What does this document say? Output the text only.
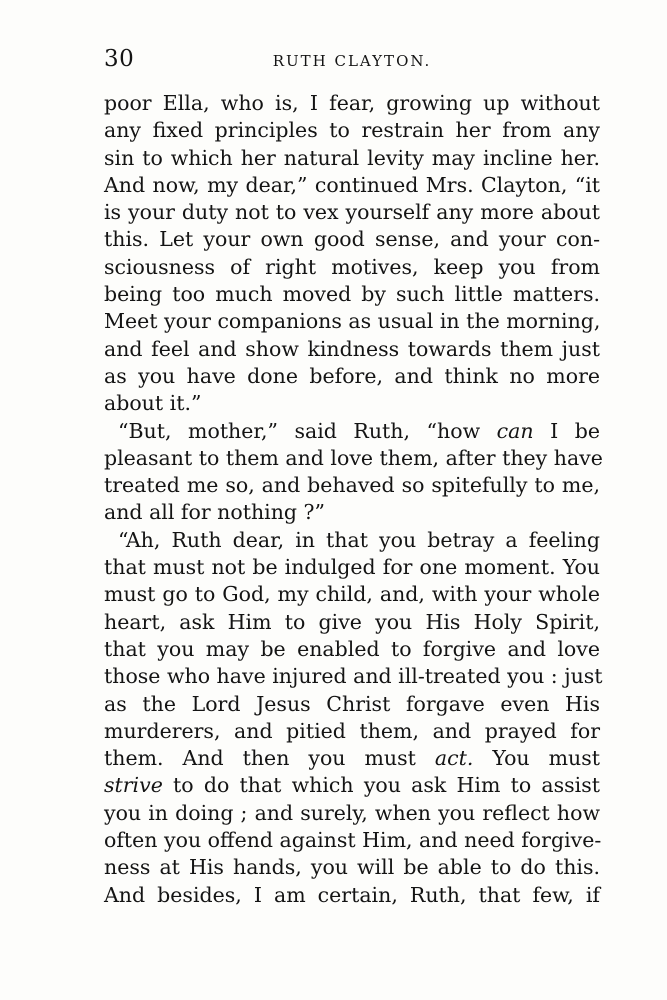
30	RUTH CLAYTON.
poor Ella, who is, I fear, growing up without
any fixed principles to restrain her from any
sin to which her natural levity may incline her.
And now, my dear,” continued Mrs. Clayton, “it
is your duty not to vex yourself any more about
this. Let your own good sense, and your con-
sciousness of right motives, keep you from
being too much moved by such little matters.
Meet your companions as usual in the morning,
and feel and show kindness towards them just
as you have done before, and think no more
about it.”
“But, mother,” said Ruth, “how can I be
pleasant to them and love them, after they have
treated me so, and behaved so spitefully to me,
and all for nothing ?”
“Ah, Ruth dear, in that you betray a feeling
that must not be indulged for one moment. You
must go to God, my child, and, with your whole
heart, ask Him to give you His Holy Spirit,
that you may be enabled to forgive and love
those who have injured and ill-treated you : just
as the Lord Jesus Christ forgave even His
murderers, and pitied them, and prayed for
them. And then you must act. You must
strive to do that which you ask Him to assist
you in doing ; and surely, when you reflect how
often you offend against Him, and need forgive-
ness at His hands, you will be able to do this.
And besides, I am certain, Ruth, that few, if
